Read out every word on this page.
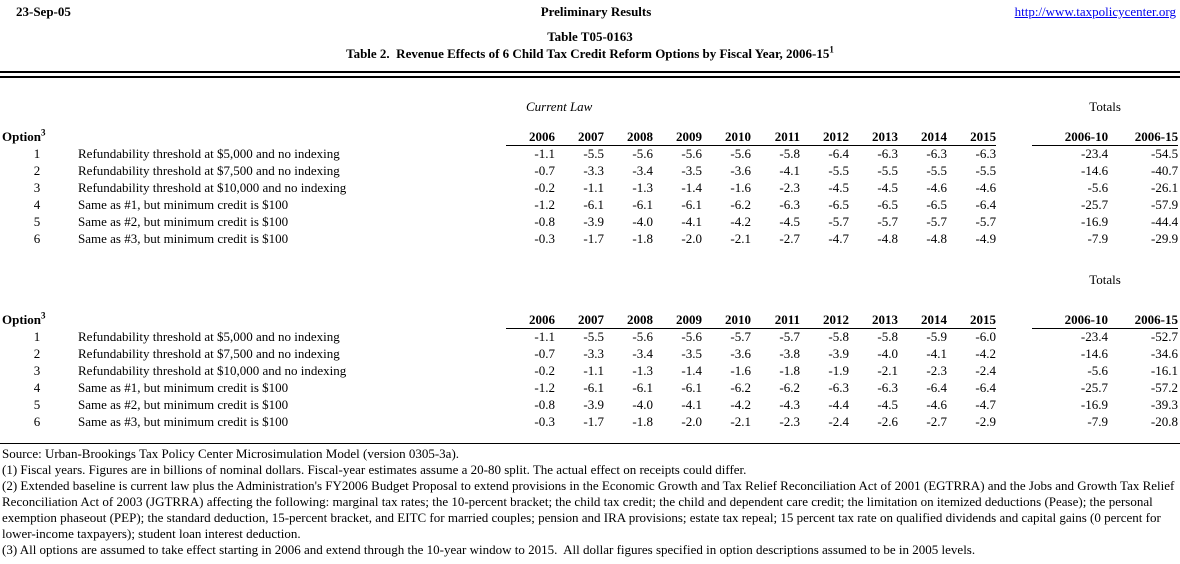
23-Sep-05	Preliminary Results	http://www.taxpolicycenter.org
Table T05-0163
Table 2.  Revenue Effects of 6 Child Tax Credit Reform Options by Fiscal Year, $2006-15^1$
		Current Law											Totals	
Option$^3$		2006	2007	2008	2009	2010	2011	2012	2013	2014	2015		2006-10	2006-15
1	Refundability threshold at $5,000 and no indexing	-1.1	-5.5	-5.6	-5.6	-5.6	-5.8	-6.4	-6.3	-6.3	-6.3		-23.4	-54.5
2	Refundability threshold at $7,500 and no indexing	-0.7	-3.3	-3.4	-3.5	-3.6	-4.1	-5.5	-5.5	-5.5	-5.5		-14.6	-40.7
3	Refundability threshold at $10,000 and no indexing	-0.2	-1.1	-1.3	-1.4	-1.6	-2.3	-4.5	-4.5	-4.6	-4.6		-5.6	-26.1
4	Same as #1, but minimum credit is $100	-1.2	-6.1	-6.1	-6.1	-6.2	-6.3	-6.5	-6.5	-6.5	-6.4		-25.7	-57.9
5	Same as #2, but minimum credit is $100	-0.8	-3.9	-4.0	-4.1	-4.2	-4.5	-5.7	-5.7	-5.7	-5.7		-16.9	-44.4
6	Same as #3, but minimum credit is $100	-0.3	-1.7	-1.8	-2.0	-2.1	-2.7	-4.7	-4.8	-4.8	-4.9		-7.9	-29.9
													Totals	
Option$^3$		2006	2007	2008	2009	2010	2011	2012	2013	2014	2015		2006-10	2006-15
1	Refundability threshold at $5,000 and no indexing	-1.1	-5.5	-5.6	-5.6	-5.7	-5.7	-5.8	-5.8	-5.9	-6.0		-23.4	-52.7
2	Refundability threshold at $7,500 and no indexing	-0.7	-3.3	-3.4	-3.5	-3.6	-3.8	-3.9	-4.0	-4.1	-4.2		-14.6	-34.6
3	Refundability threshold at $10,000 and no indexing	-0.2	-1.1	-1.3	-1.4	-1.6	-1.8	-1.9	-2.1	-2.3	-2.4		-5.6	-16.1
4	Same as #1, but minimum credit is $100	-1.2	-6.1	-6.1	-6.1	-6.2	-6.2	-6.3	-6.3	-6.4	-6.4		-25.7	-57.2
5	Same as #2, but minimum credit is $100	-0.8	-3.9	-4.0	-4.1	-4.2	-4.3	-4.4	-4.5	-4.6	-4.7		-16.9	-39.3
6	Same as #3, but minimum credit is $100	-0.3	-1.7	-1.8	-2.0	-2.1	-2.3	-2.4	-2.6	-2.7	-2.9		-7.9	-20.8
Source: Urban-Brookings Tax Policy Center Microsimulation Model (version 0305-3a).
(1) Fiscal years. Figures are in billions of nominal dollars. Fiscal-year estimates assume a 20-80 split. The actual effect on receipts could differ.
(2) Extended baseline is current law plus the Administration's FY2006 Budget Proposal to extend provisions in the Economic Growth and Tax Relief Reconciliation Act of 2001 (EGTRRA) and the Jobs and Growth Tax Relief Reconciliation Act of 2003 (JGTRRA) affecting the following: marginal tax rates; the 10-percent bracket; the child tax credit; the child and dependent care credit; the limitation on itemized deductions (Pease); the personal exemption phaseout (PEP); the standard deduction, 15-percent bracket, and EITC for married couples; pension and IRA provisions; estate tax repeal; 15 percent tax rate on qualified dividends and capital gains (0 percent for lower-income taxpayers); student loan interest deduction.
(3) All options are assumed to take effect starting in 2006 and extend through the 10-year window to 2015.  All dollar figures specified in option descriptions assumed to be in 2005 levels.
